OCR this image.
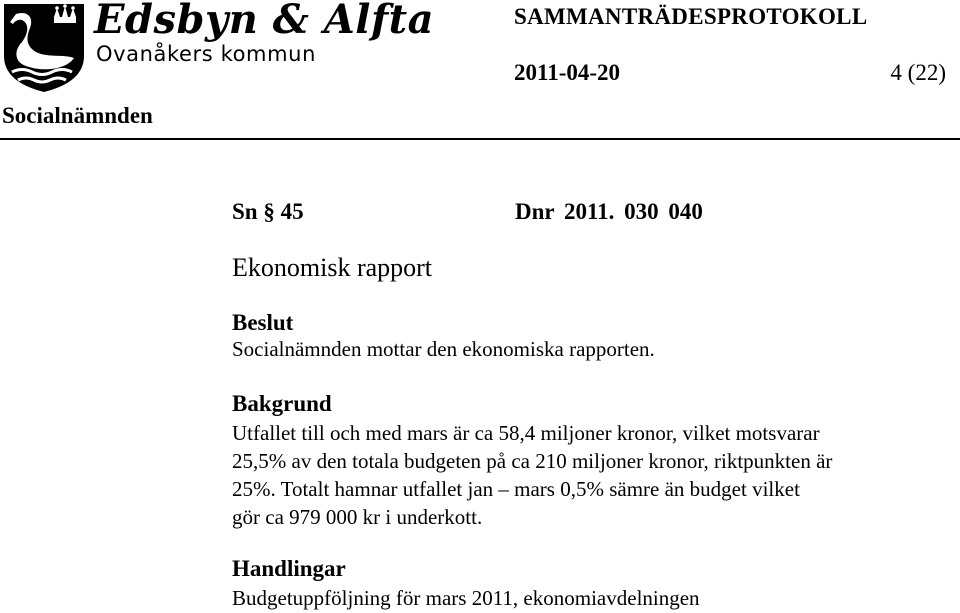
Edsbyn & Alfta
Ovanåkers kommun
SAMMANTRÄDESPROTOKOLL
2011-04-20	4 (22)
Socialnämnden
Sn § 45	Dnr 2011. 030 040
Ekonomisk rapport
Beslut
Socialnämnden mottar den ekonomiska rapporten.
Bakgrund
Utfallet till och med mars är ca 58,4 miljoner kronor, vilket motsvarar
25,5% av den totala budgeten på ca 210 miljoner kronor, riktpunkten är
25%. Totalt hamnar utfallet jan – mars 0,5% sämre än budget vilket
gör ca 979 000 kr i underkott.
Handlingar
Budgetuppföljning för mars 2011, ekonomiavdelningen
